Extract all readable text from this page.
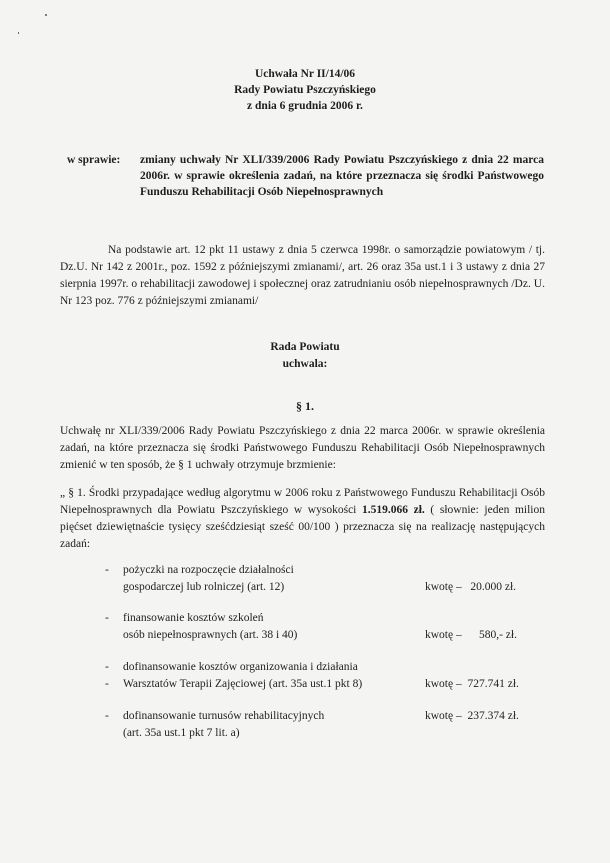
Uchwała Nr II/14/06
Rady Powiatu Pszczyńskiego
z dnia 6 grudnia 2006 r.
w sprawie: zmiany uchwały Nr XLI/339/2006 Rady Powiatu Pszczyńskiego z dnia 22 marca 2006r. w sprawie określenia zadań, na które przeznacza się środki Państwowego Funduszu Rehabilitacji Osób Niepełnosprawnych
Na podstawie art. 12 pkt 11 ustawy z dnia 5 czerwca 1998r. o samorządzie powiatowym / tj. Dz.U. Nr 142 z 2001r., poz. 1592 z późniejszymi zmianami/, art. 26 oraz 35a ust.1 i 3 ustawy z dnia 27 sierpnia 1997r. o rehabilitacji zawodowej i społecznej oraz zatrudnianiu osób niepełnosprawnych /Dz. U. Nr 123 poz. 776 z późniejszymi zmianami/
Rada Powiatu
uchwala:
§ 1.
Uchwałę nr XLI/339/2006 Rady Powiatu Pszczyńskiego z dnia 22 marca 2006r. w sprawie określenia zadań, na które przeznacza się środki Państwowego Funduszu Rehabilitacji Osób Niepełnosprawnych zmienić w ten sposób, że § 1 uchwały otrzymuje brzmienie:
„ § 1. Środki przypadające według algorytmu w 2006 roku z Państwowego Funduszu Rehabilitacji Osób Niepełnosprawnych dla Powiatu Pszczyńskiego w wysokości 1.519.066 zł. ( słownie: jeden milion pięćset dziewiętnaście tysięcy sześćdziesiąt sześć 00/100 ) przeznacza się na realizację następujących zadań:
- pożyczki na rozpoczęcie działalności
gospodarczej lub rolniczej (art. 12)	kwotę –   20.000 zł.
- finansowanie kosztów szkoleń
osób niepełnosprawnych (art. 38 i 40)	kwotę –      580,- zł.
- dofinansowanie kosztów organizowania i działania
- Warsztatów Terapii Zajęciowej (art. 35a ust.1 pkt 8)	kwotę –  727.741 zł.
- dofinansowanie turnusów rehabilitacyjnych	kwotę –  237.374 zł.
(art. 35a ust.1 pkt 7 lit. a)
